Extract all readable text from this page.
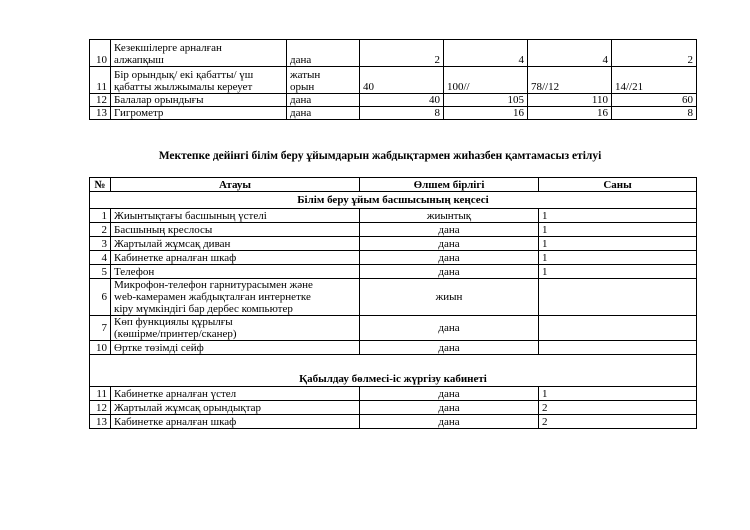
10	Кезекшілерге арналған
алжапқыш	дана	2	4	4	2
11	Бір орындық/ екі қабатты/ үш
қабатты жылжымалы кереует	жатын
орын	40	100//	78//12	14//21
12	Балалар орындығы	дана	40	105	110	60
13	Гигрометр	дана	8	16	16	8
Мектепке дейінгі білім беру ұйымдарын жабдықтармен жиһазбен қамтамасыз етілуі
№	Атауы	Өлшем бірлігі	Саны
Білім беру ұйым басшысының кеңсесі			
1	Жиынтықтағы басшының үстелі	жиынтық	1
2	Басшының креслосы	дана	1
3	Жартылай жұмсақ диван	дана	1
4	Кабинетке арналған шкаф	дана	1
5	Телефон	дана	1
6	Микрофон-телефон гарнитурасымен және
web-камерамен жабдықталған интернетке
кіру мүмкіндігі бар дербес компьютер	жиын	
7	Көп функциялы құрылғы
(көшірме/принтер/сканер)	дана	
10	Өртке төзімді сейф	дана	
Қабылдау бөлмесі-іс жүргізу кабинеті			
11	Кабинетке арналған үстел	дана	1
12	Жартылай жұмсақ орындықтар	дана	2
13	Кабинетке арналған шкаф	дана	2
